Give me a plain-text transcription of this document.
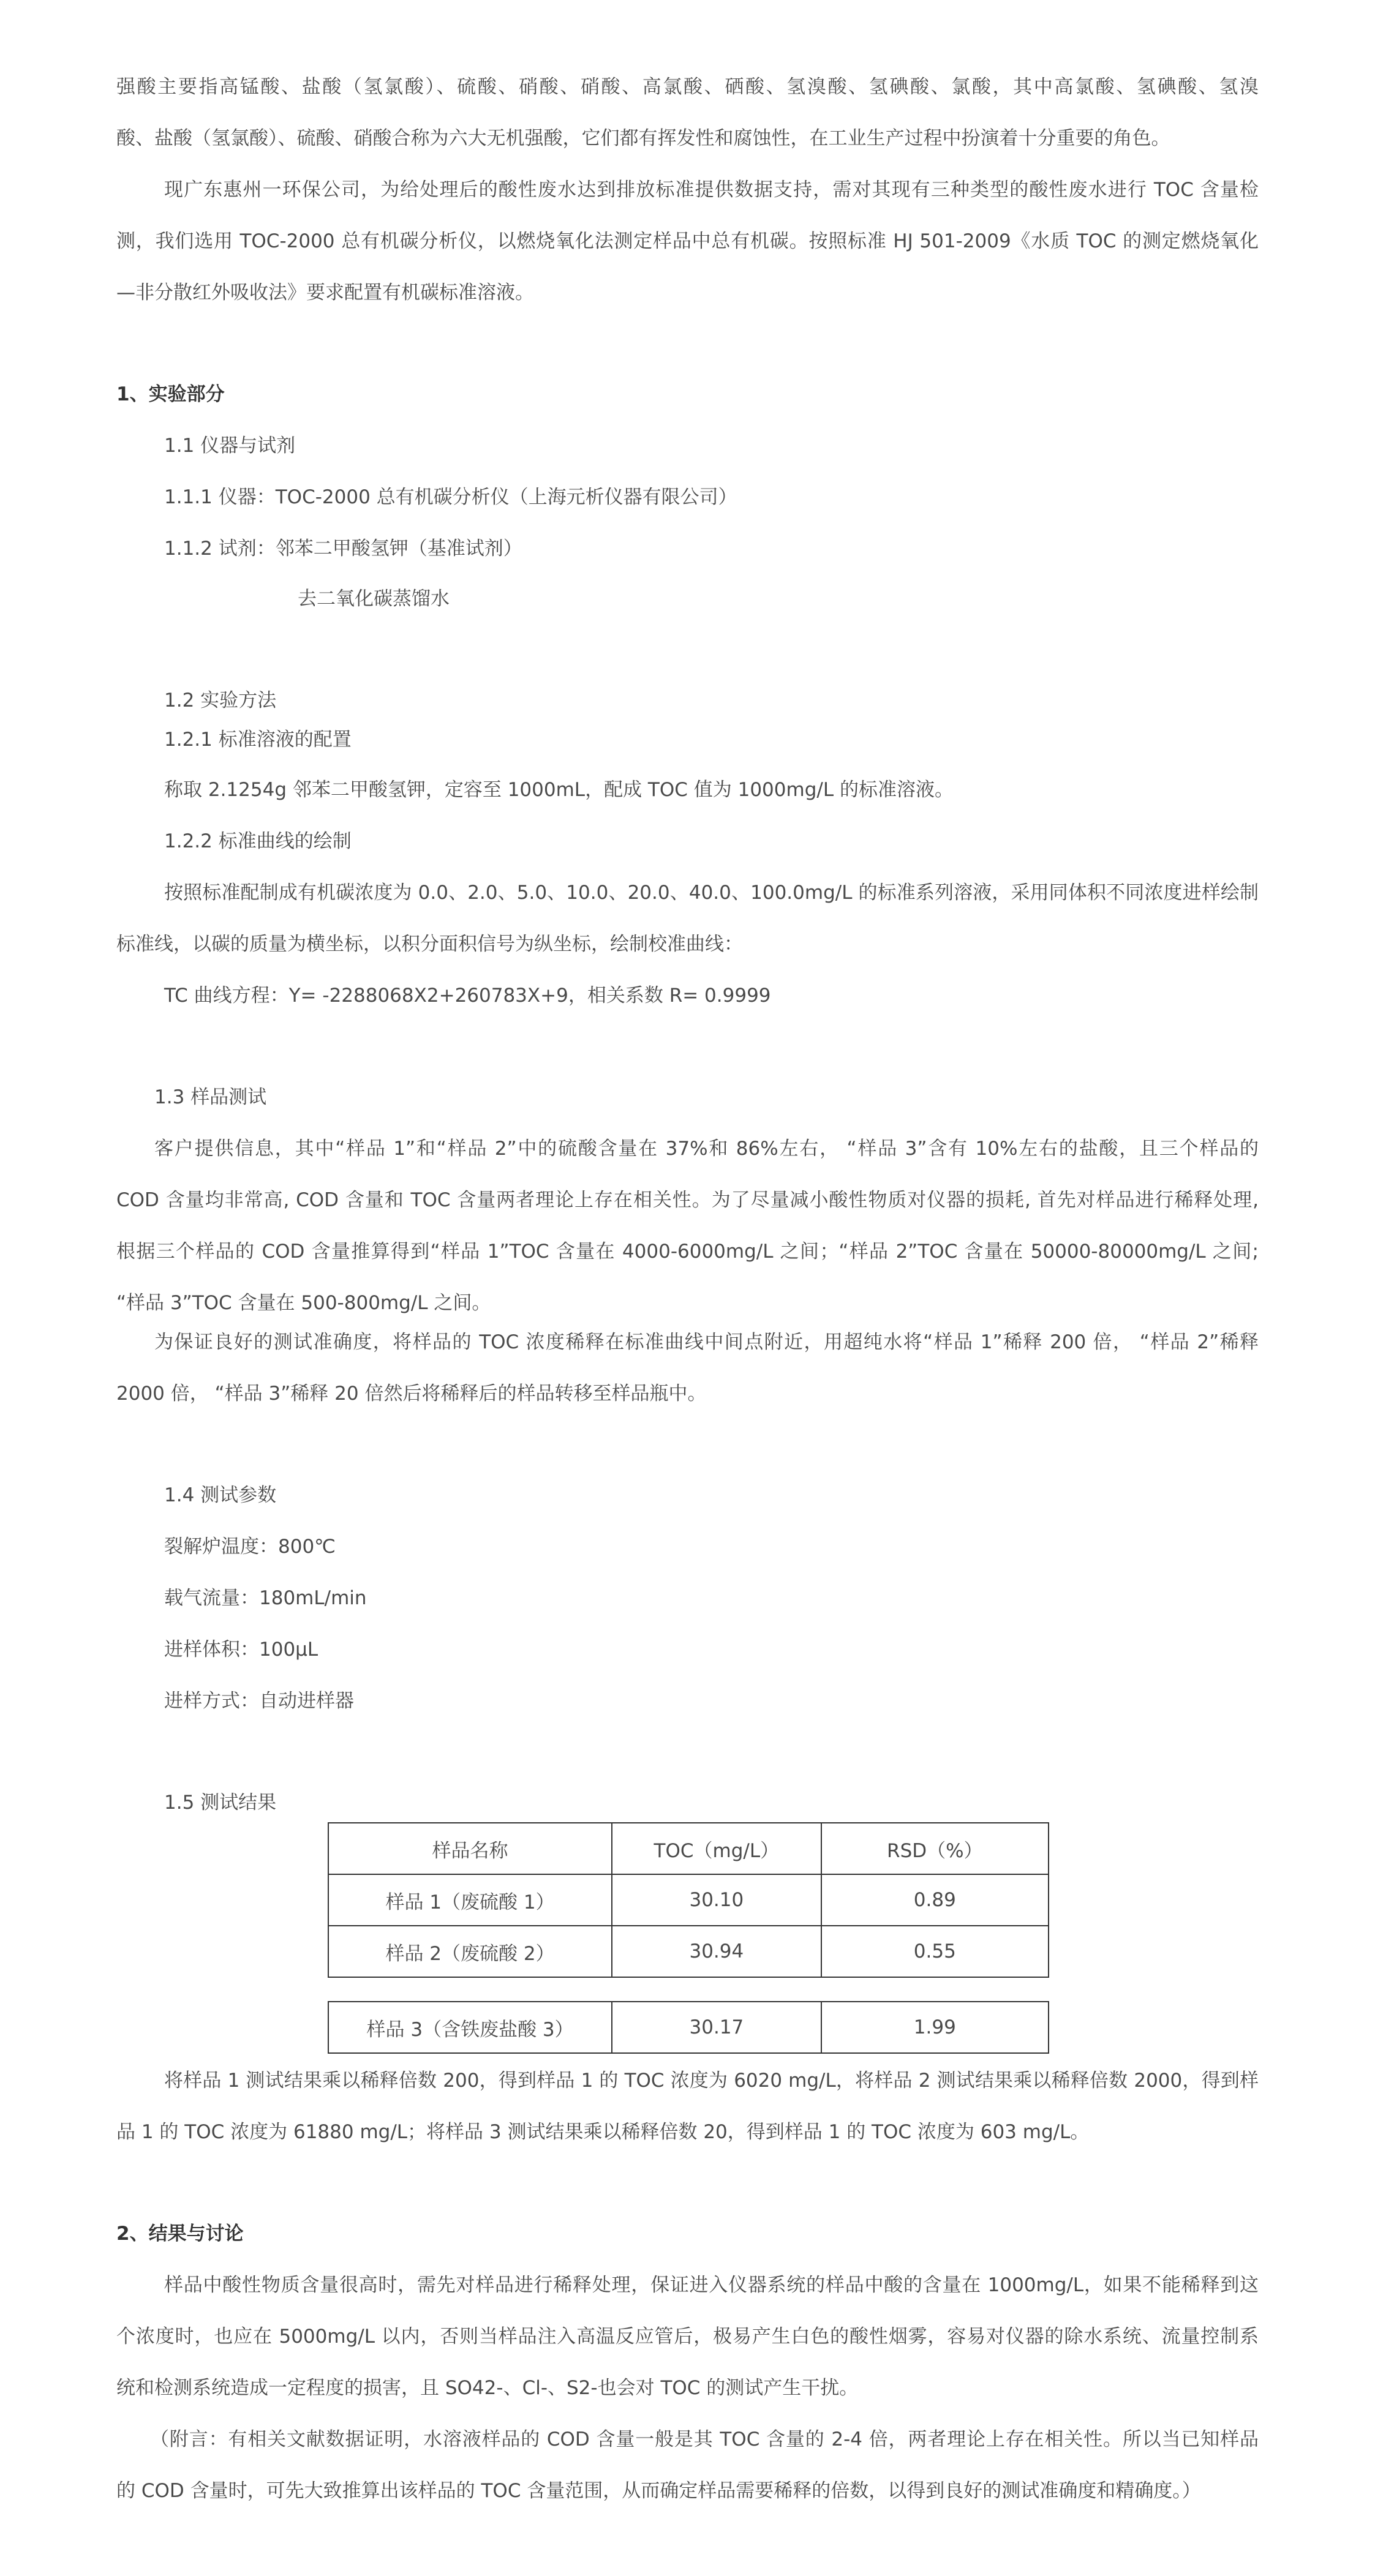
强酸主要指高锰酸、盐酸（氢氯酸）、硫酸、硝酸、硝酸、高氯酸、硒酸、氢溴酸、氢碘酸、氯酸，其中高氯酸、氢碘酸、氢溴
酸、盐酸（氢氯酸）、硫酸、硝酸合称为六大无机强酸，它们都有挥发性和腐蚀性，在工业生产过程中扮演着十分重要的角色。
现广东惠州一环保公司，为给处理后的酸性废水达到排放标准提供数据支持，需对其现有三种类型的酸性废水进行 TOC 含量检
测，我们选用 TOC-2000 总有机碳分析仪，以燃烧氧化法测定样品中总有机碳。按照标准 HJ 501-2009《水质 TOC 的测定燃烧氧化
—非分散红外吸收法》要求配置有机碳标准溶液。
1、实验部分
1.1 仪器与试剂
1.1.1 仪器：TOC-2000 总有机碳分析仪（上海元析仪器有限公司）
1.1.2 试剂：邻苯二甲酸氢钾（基准试剂）
去二氧化碳蒸馏水
1.2 实验方法
1.2.1 标准溶液的配置
称取 2.1254g 邻苯二甲酸氢钾，定容至 1000mL，配成 TOC 值为 1000mg/L 的标准溶液。
1.2.2 标准曲线的绘制
按照标准配制成有机碳浓度为 0.0、2.0、5.0、10.0、20.0、40.0、100.0mg/L 的标准系列溶液，采用同体积不同浓度进样绘制
标准线，以碳的质量为横坐标，以积分面积信号为纵坐标，绘制校准曲线：
TC 曲线方程：Y= -2288068X2+260783X+9，相关系数 R= 0.9999
1.3 样品测试
客户提供信息，其中“样品 1”和“样品 2”中的硫酸含量在 37%和 86%左右， “样品 3”含有 10%左右的盐酸，且三个样品的
COD 含量均非常高, COD 含量和 TOC 含量两者理论上存在相关性。为了尽量减小酸性物质对仪器的损耗, 首先对样品进行稀释处理,
根据三个样品的 COD 含量推算得到“样品 1”TOC 含量在 4000-6000mg/L 之间；“样品 2”TOC 含量在 50000-80000mg/L 之间;
“样品 3”TOC 含量在 500-800mg/L 之间。
为保证良好的测试准确度，将样品的 TOC 浓度稀释在标准曲线中间点附近，用超纯水将“样品 1”稀释 200 倍， “样品 2”稀释
2000 倍， “样品 3”稀释 20 倍然后将稀释后的样品转移至样品瓶中。
1.4 测试参数
裂解炉温度：800℃
载气流量：180mL/min
进样体积：100μL
进样方式：自动进样器
1.5 测试结果
样品名称	TOC（mg/L）	RSD（%）
样品 1（废硫酸 1）	30.10	0.89
样品 2（废硫酸 2）	30.94	0.55
样品 3（含铁废盐酸 3）	30.17	1.99
将样品 1 测试结果乘以稀释倍数 200，得到样品 1 的 TOC 浓度为 6020 mg/L，将样品 2 测试结果乘以稀释倍数 2000，得到样
品 1 的 TOC 浓度为 61880 mg/L；将样品 3 测试结果乘以稀释倍数 20，得到样品 1 的 TOC 浓度为 603 mg/L。
2、结果与讨论
样品中酸性物质含量很高时，需先对样品进行稀释处理，保证进入仪器系统的样品中酸的含量在 1000mg/L，如果不能稀释到这
个浓度时，也应在 5000mg/L 以内，否则当样品注入高温反应管后，极易产生白色的酸性烟雾，容易对仪器的除水系统、流量控制系
统和检测系统造成一定程度的损害，且 SO42-、Cl-、S2-也会对 TOC 的测试产生干扰。
（附言：有相关文献数据证明，水溶液样品的 COD 含量一般是其 TOC 含量的 2-4 倍，两者理论上存在相关性。所以当已知样品
的 COD 含量时，可先大致推算出该样品的 TOC 含量范围，从而确定样品需要稀释的倍数，以得到良好的测试准确度和精确度。）
